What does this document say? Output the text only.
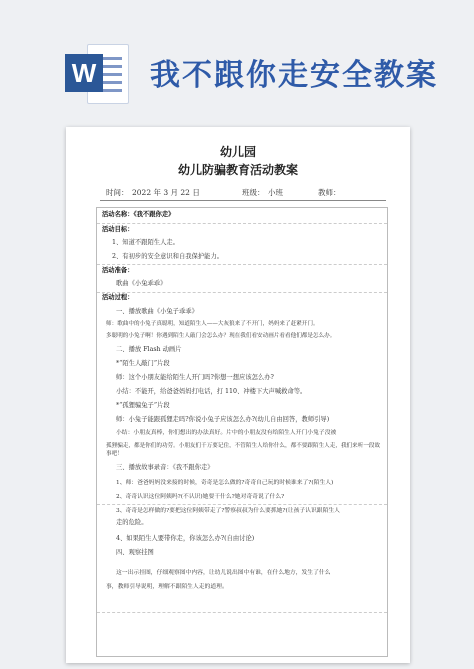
W 我不跟你走安全教案
幼儿园
幼儿防骗教育活动教案
时间： 2022 年 3 月 22 日	班级： 小班	教师：
活动名称：《我不跟你走》
活动目标：
1、知道不跟陌生人走。
2、有初步的安全意识和自我保护能力。
活动准备：
歌曲《小兔乖乖》
活动过程：
一、播放歌曲《小兔子乖乖》
师：歌曲中的小兔子真聪明，知道陌生人——大灰狼来了不开门，妈妈来了赶紧开门。
多聪明的小兔子啊！你遇到陌生人敲门会怎么办？现在我们看安动画片看看他们都是怎么办。
二、播放 Flash 动画片
*“陌生人敲门”片段
师：这个小朋友能给陌生人开门吗?你想一想应该怎么办?
小结：不能开，给爸爸妈妈打电话，打 110、冲楼下大声喊救命等。
*“孤狸骗兔子”片段
师：小兔子能跟孤狸走吗?你说小兔子应该怎么办?(幼儿自由回答，教师引导)
小结：小朋友真棒，你们想出的办法真好。片中的小朋友没有给陌生人开门小兔子没被
孤狸骗走，都是你们的功劳。小朋友们千万要记住，不管陌生人给你什么，都不要跟陌生人走，我们来听一段故事吧！
三、播放故事录音：《我不跟你走》
1、师：爸爸妈妈没来接的时候，奇奇是怎么做的?奇奇自己玩的时候谁来了?(陌生人)
2、奇奇认识这位阿姨吗?(不认识)她要干什么?她对奇奇说了什么?
3、奇奇是怎样做的?要把这位阿姨带走了?警察叔叔为什么要抓她?(让孩子认识跟陌生人
走的危险。
4、如果陌生人要带你走，你该怎么办?(自由讨论)
四、观察挂图
这一出示挂图，仔细观察图中内容，让幼儿说出图中有谁，在什么地方，发生了什么
事，教师引导说明，理解不跟陌生人走的道理。
